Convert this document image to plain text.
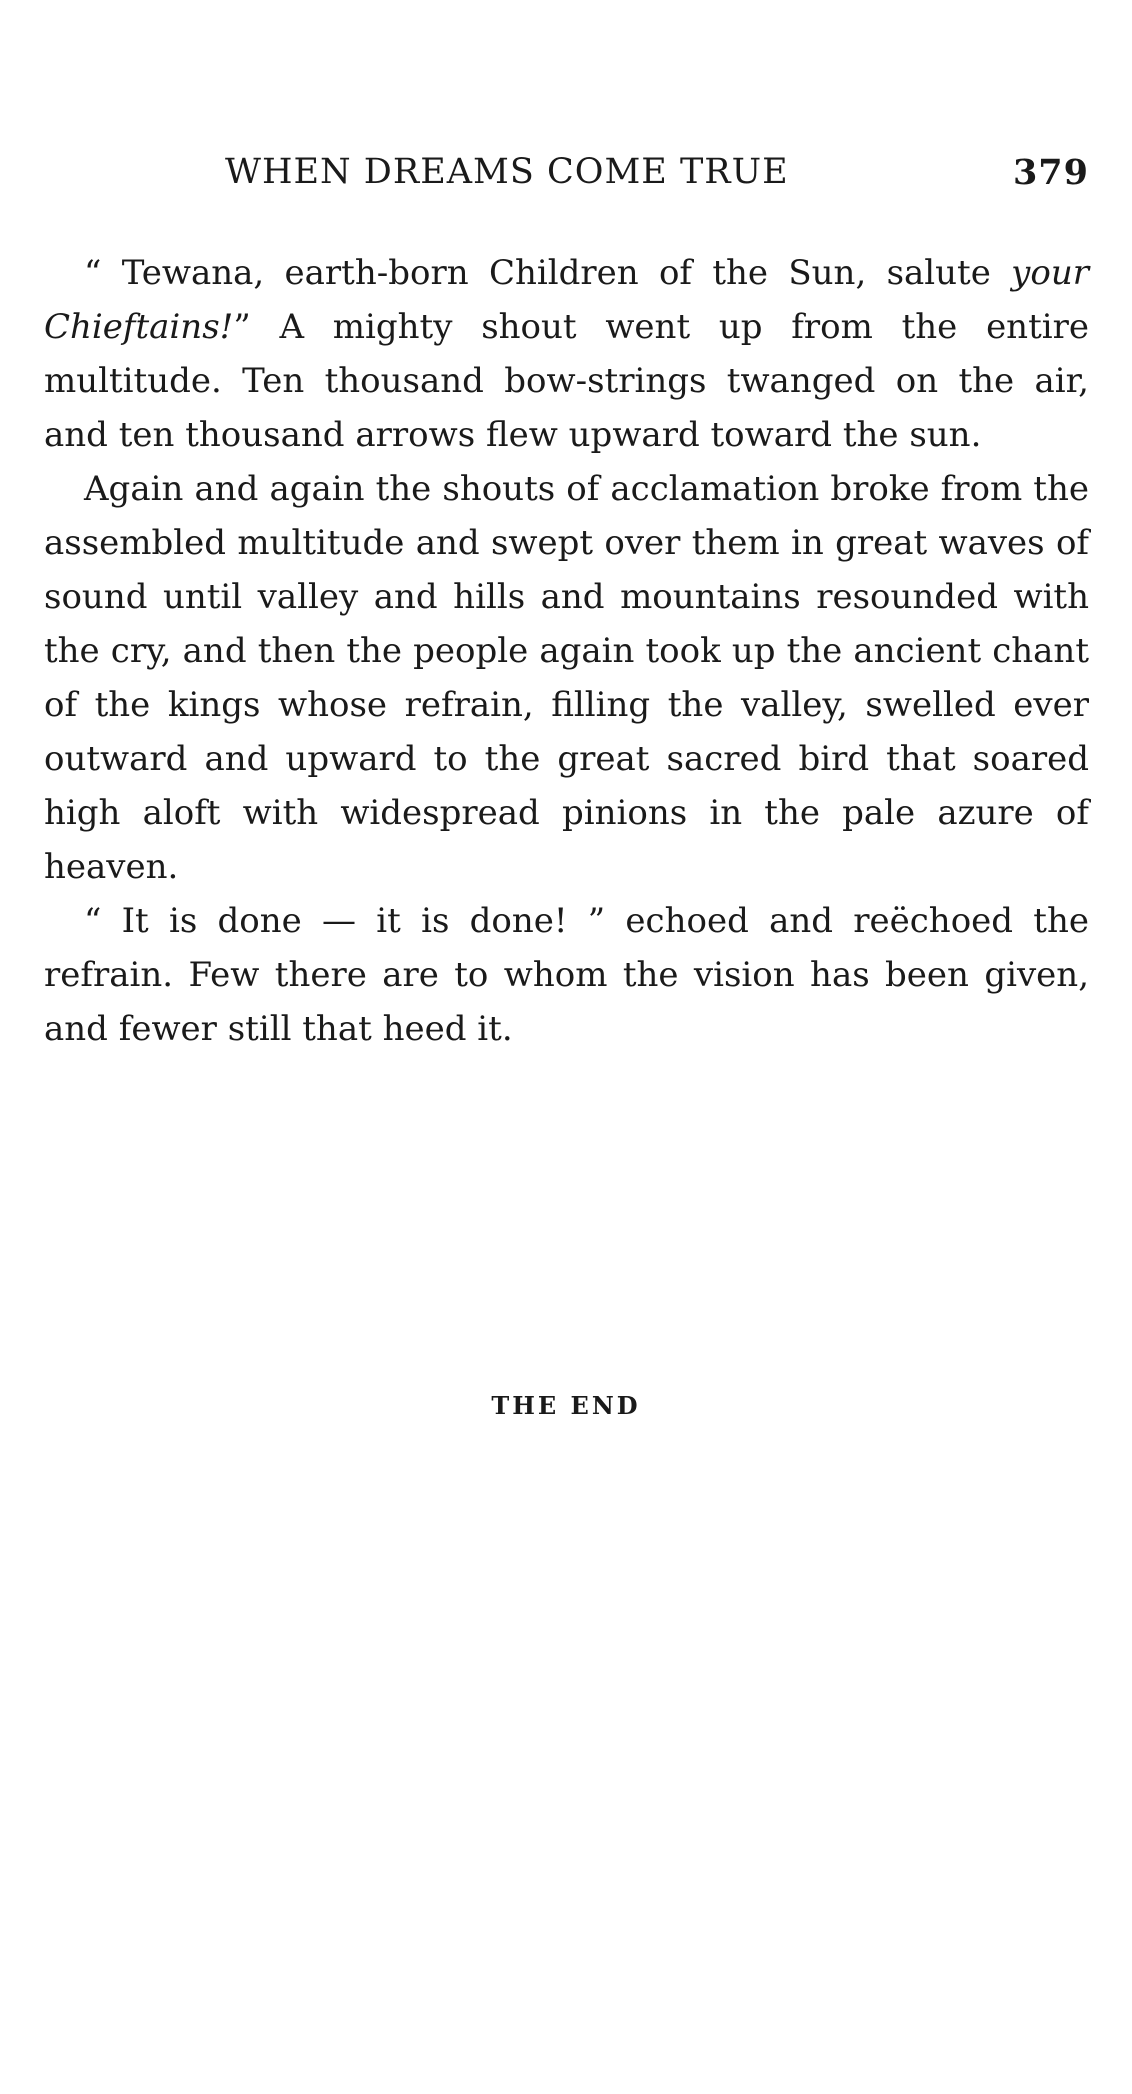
WHEN DREAMS COME TRUE	379

“ Tewana, earth-born Children of the Sun, salute your Chieftains!” A mighty shout went up from the entire multitude. Ten thousand bow-strings twanged on the air, and ten thousand arrows flew upward toward the sun.

Again and again the shouts of acclamation broke from the assembled multitude and swept over them in great waves of sound until valley and hills and mountains resounded with the cry, and then the people again took up the ancient chant of the kings whose refrain, filling the valley, swelled ever outward and upward to the great sacred bird that soared high aloft with widespread pinions in the pale azure of heaven.

“ It is done — it is done! ” echoed and reëchoed the refrain. Few there are to whom the vision has been given, and fewer still that heed it.

THE END
